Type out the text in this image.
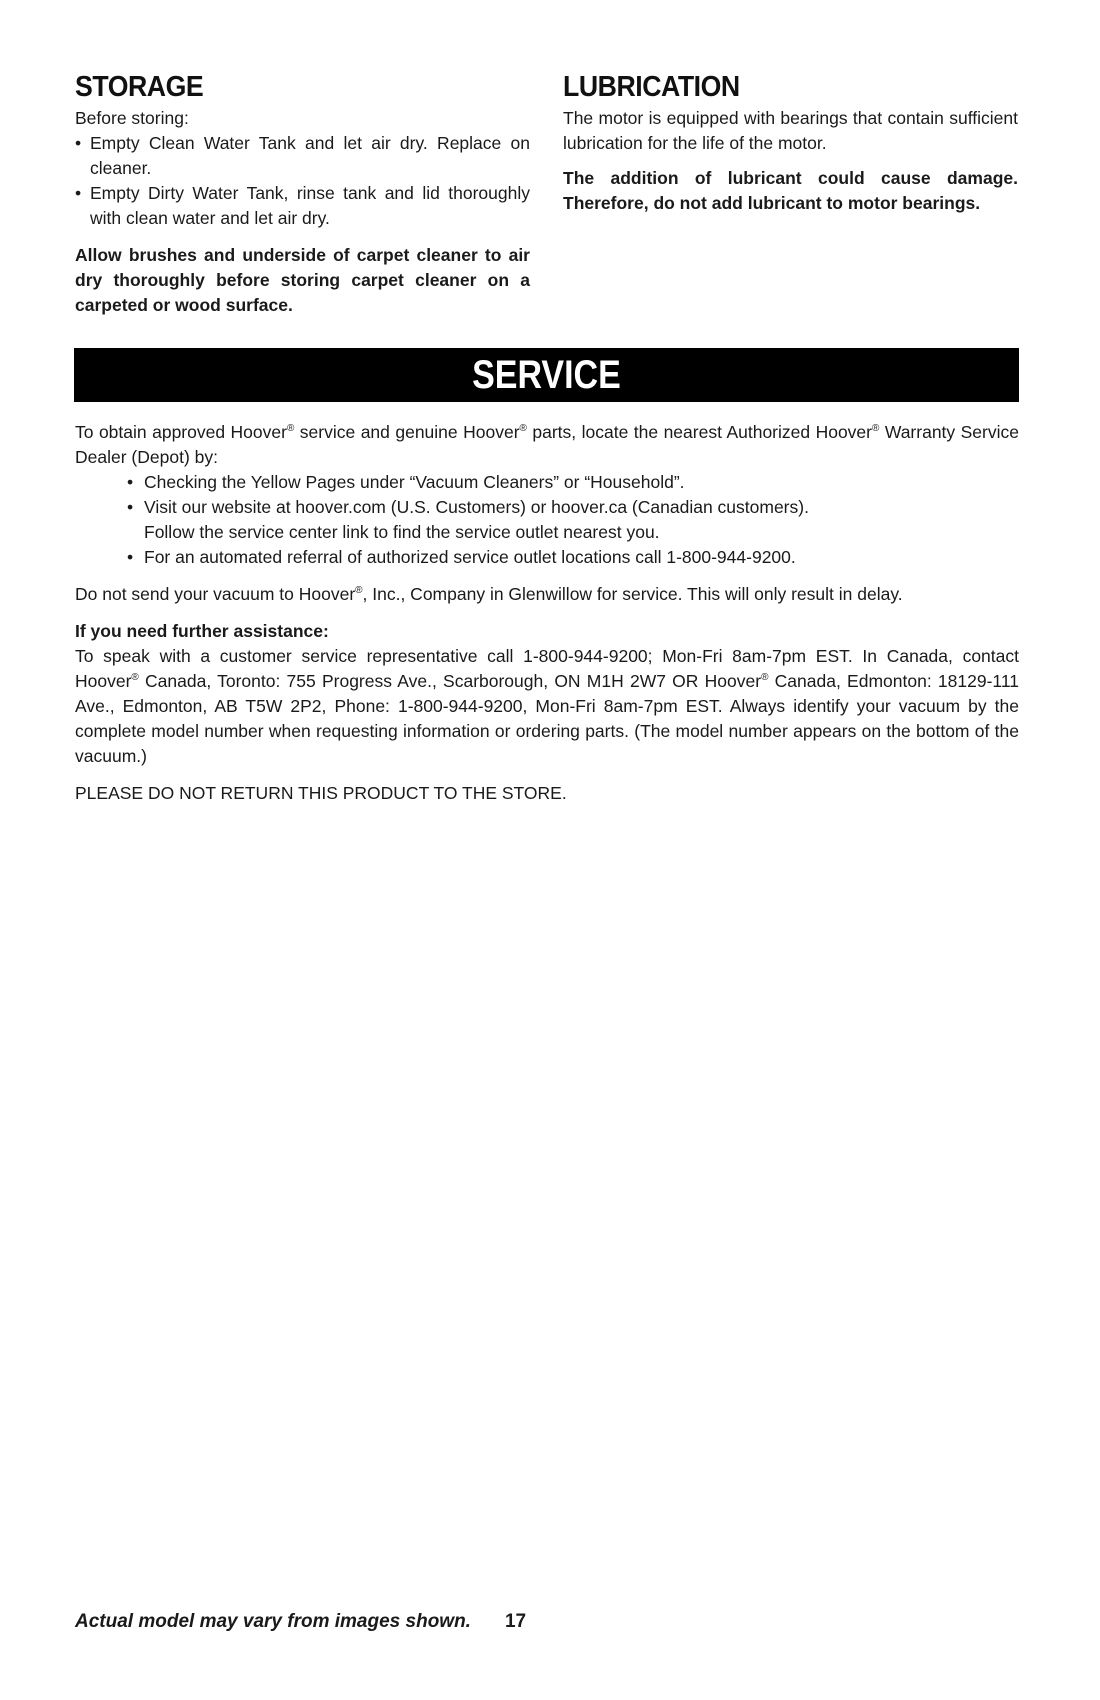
STORAGE

Before storing:

• Empty Clean Water Tank and let air dry. Replace on cleaner.
• Empty Dirty Water Tank, rinse tank and lid thoroughly with clean water and let air dry.

Allow brushes and underside of carpet cleaner to air dry thoroughly before storing carpet cleaner on a carpeted or wood surface.

LUBRICATION

The motor is equipped with bearings that contain sufficient lubrication for the life of the motor.

The addition of lubricant could cause damage. Therefore, do not add lubricant to motor bearings.

SERVICE

To obtain approved Hoover® service and genuine Hoover® parts, locate the nearest Authorized Hoover® Warranty Service Dealer (Depot) by:

• Checking the Yellow Pages under “Vacuum Cleaners” or “Household”.
• Visit our website at hoover.com (U.S. Customers) or hoover.ca (Canadian customers).
Follow the service center link to find the service outlet nearest you.
• For an automated referral of authorized service outlet locations call 1-800-944-9200.

Do not send your vacuum to Hoover®, Inc., Company in Glenwillow for service. This will only result in delay.

If you need further assistance:

To speak with a customer service representative call 1-800-944-9200; Mon-Fri 8am-7pm EST. In Canada, contact Hoover® Canada, Toronto: 755 Progress Ave., Scarborough, ON M1H 2W7 OR Hoover® Canada, Edmonton: 18129-111 Ave., Edmonton, AB T5W 2P2, Phone: 1-800-944-9200, Mon-Fri 8am-7pm EST. Always identify your vacuum by the complete model number when requesting information or ordering parts. (The model number appears on the bottom of the vacuum.)

PLEASE DO NOT RETURN THIS PRODUCT TO THE STORE.

Actual model may vary from images shown. 17
